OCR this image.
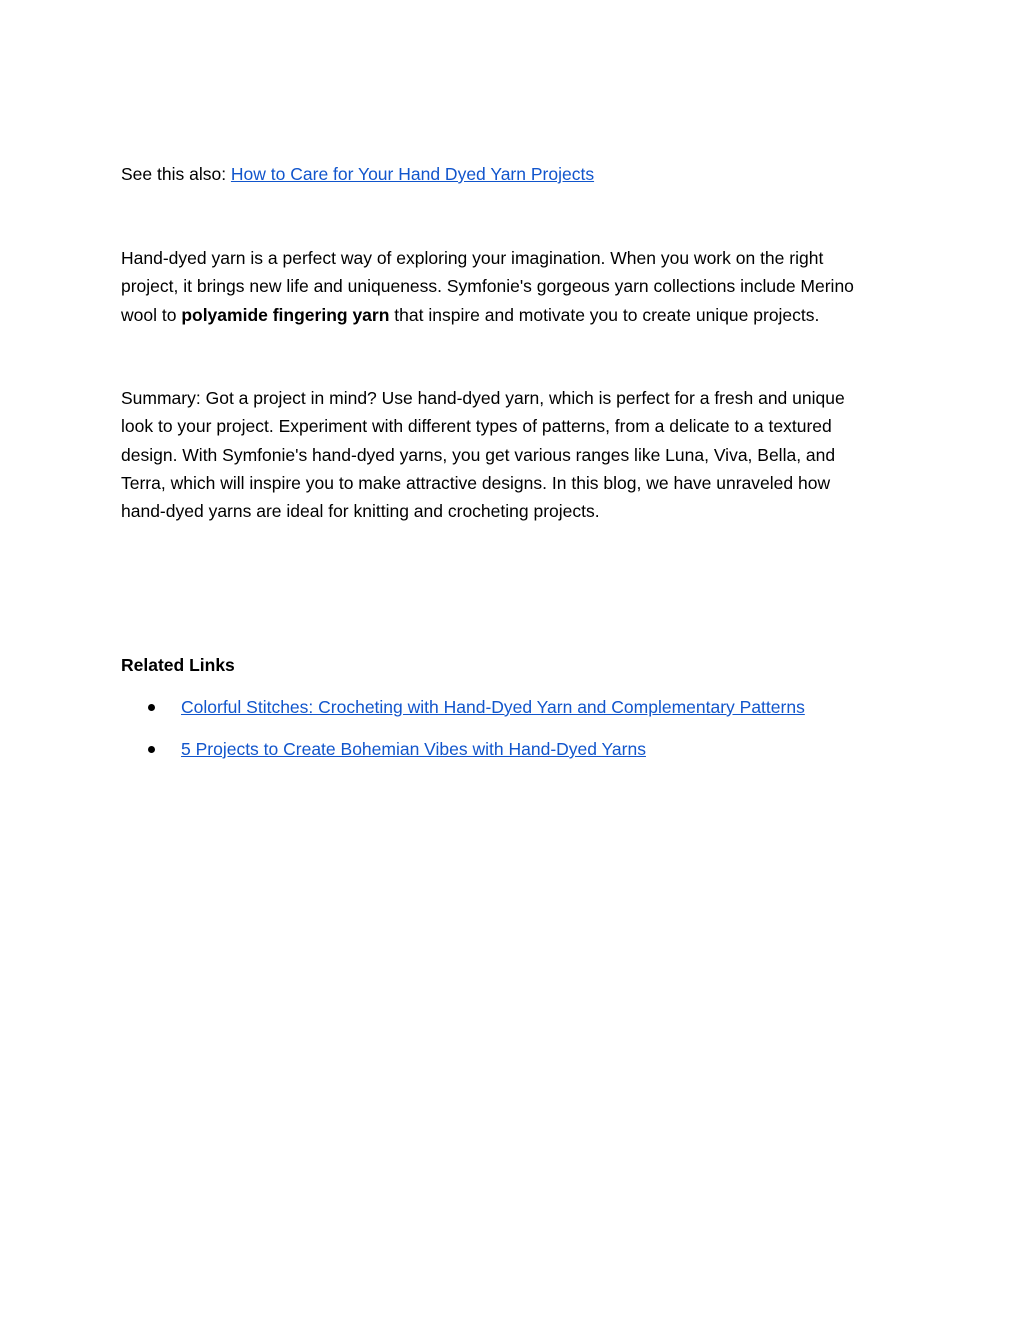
See this also: How to Care for Your Hand Dyed Yarn Projects

Hand-dyed yarn is a perfect way of exploring your imagination. When you work on the right
project, it brings new life and uniqueness. Symfonie's gorgeous yarn collections include Merino
wool to polyamide fingering yarn that inspire and motivate you to create unique projects.

Summary: Got a project in mind? Use hand-dyed yarn, which is perfect for a fresh and unique
look to your project. Experiment with different types of patterns, from a delicate to a textured
design. With Symfonie's hand-dyed yarns, you get various ranges like Luna, Viva, Bella, and
Terra, which will inspire you to make attractive designs. In this blog, we have unraveled how
hand-dyed yarns are ideal for knitting and crocheting projects.

Related Links
Colorful Stitches: Crocheting with Hand-Dyed Yarn and Complementary Patterns
5 Projects to Create Bohemian Vibes with Hand-Dyed Yarns
